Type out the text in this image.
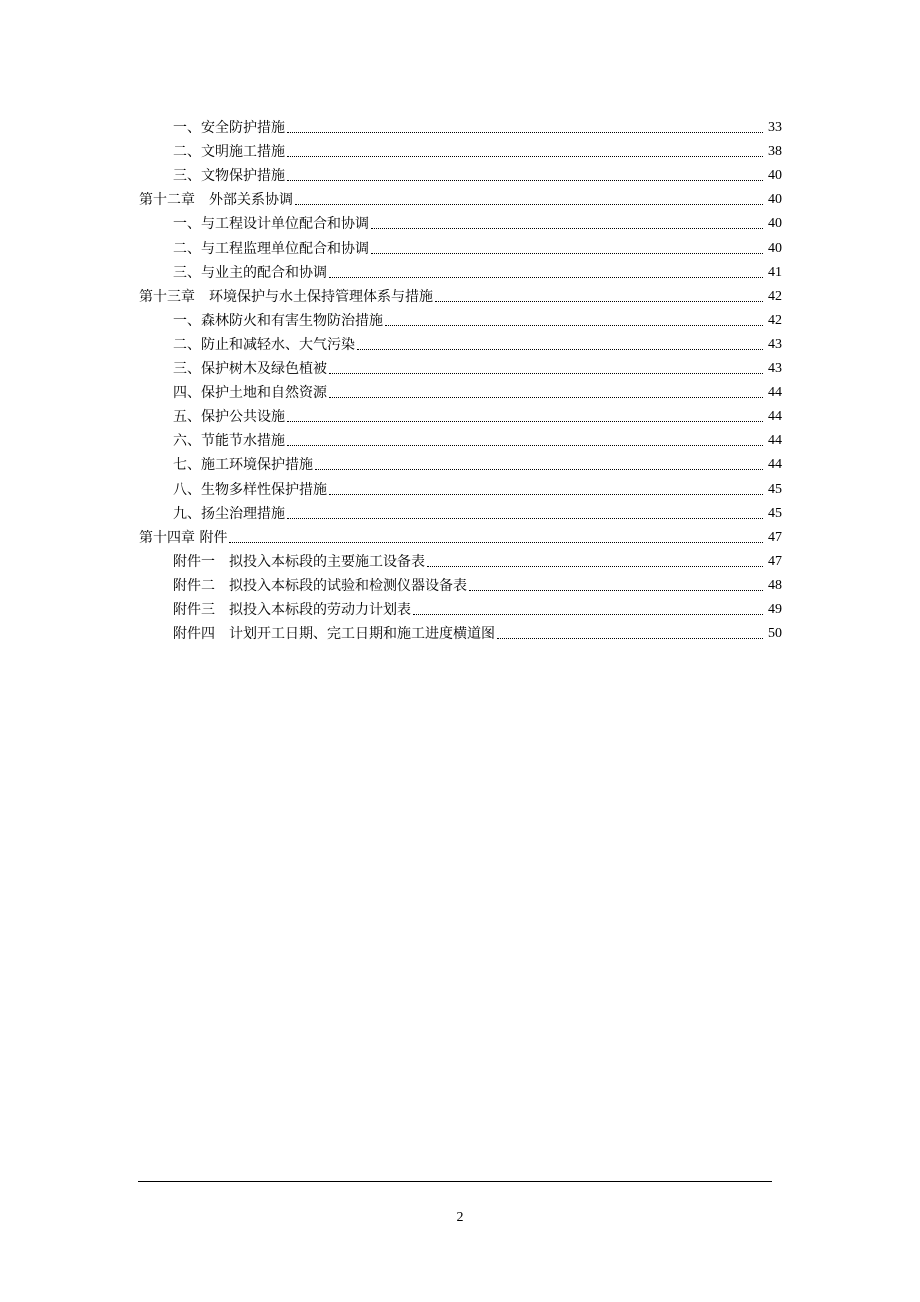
一、安全防护措施	33
二、文明施工措施	38
三、文物保护措施	40
第十二章　外部关系协调	40
一、与工程设计单位配合和协调	40
二、与工程监理单位配合和协调	40
三、与业主的配合和协调	41
第十三章　环境保护与水土保持管理体系与措施	42
一、森林防火和有害生物防治措施	42
二、防止和减轻水、大气污染	43
三、保护树木及绿色植被	43
四、保护土地和自然资源	44
五、保护公共设施	44
六、节能节水措施	44
七、施工环境保护措施	44
八、生物多样性保护措施	45
九、扬尘治理措施	45
第十四章 附件	47
附件一　拟投入本标段的主要施工设备表	47
附件二　拟投入本标段的试验和检测仪器设备表	48
附件三　拟投入本标段的劳动力计划表	49
附件四　计划开工日期、完工日期和施工进度横道图	50
2
